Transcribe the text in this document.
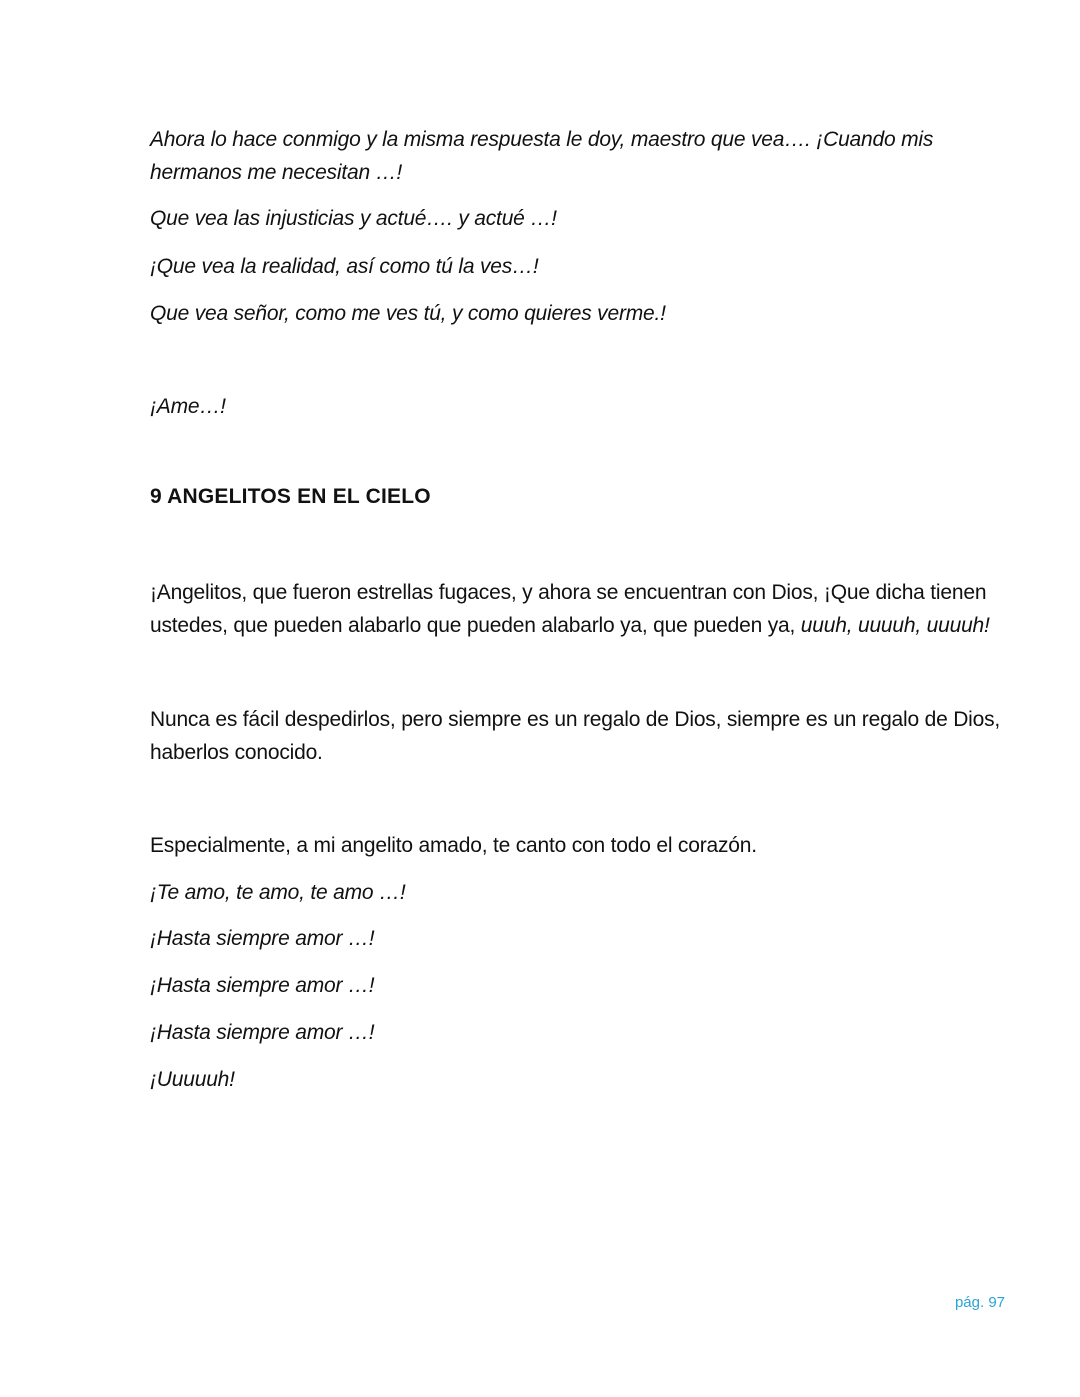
Ahora lo hace conmigo y la misma respuesta le doy, maestro que vea…. ¡Cuando mis hermanos me necesitan …!
Que vea las injusticias y actué…. y actué …!
¡Que vea la realidad, así como tú la ves…!
Que vea señor, como me ves tú, y como quieres verme.!
¡Ame…!
9 ANGELITOS EN EL CIELO
¡Angelitos, que fueron estrellas fugaces, y ahora se encuentran con Dios, ¡Que dicha tienen ustedes, que pueden alabarlo que pueden alabarlo ya, que pueden ya, uuuh, uuuuh, uuuuh!
Nunca es fácil despedirlos, pero siempre es un regalo de Dios, siempre es un regalo de Dios, haberlos conocido.
Especialmente, a mi angelito amado, te canto con todo el corazón.
¡Te amo, te amo, te amo …!
¡Hasta siempre amor …!
¡Hasta siempre amor …!
¡Hasta siempre amor …!
¡Uuuuuh!
pág. 97
